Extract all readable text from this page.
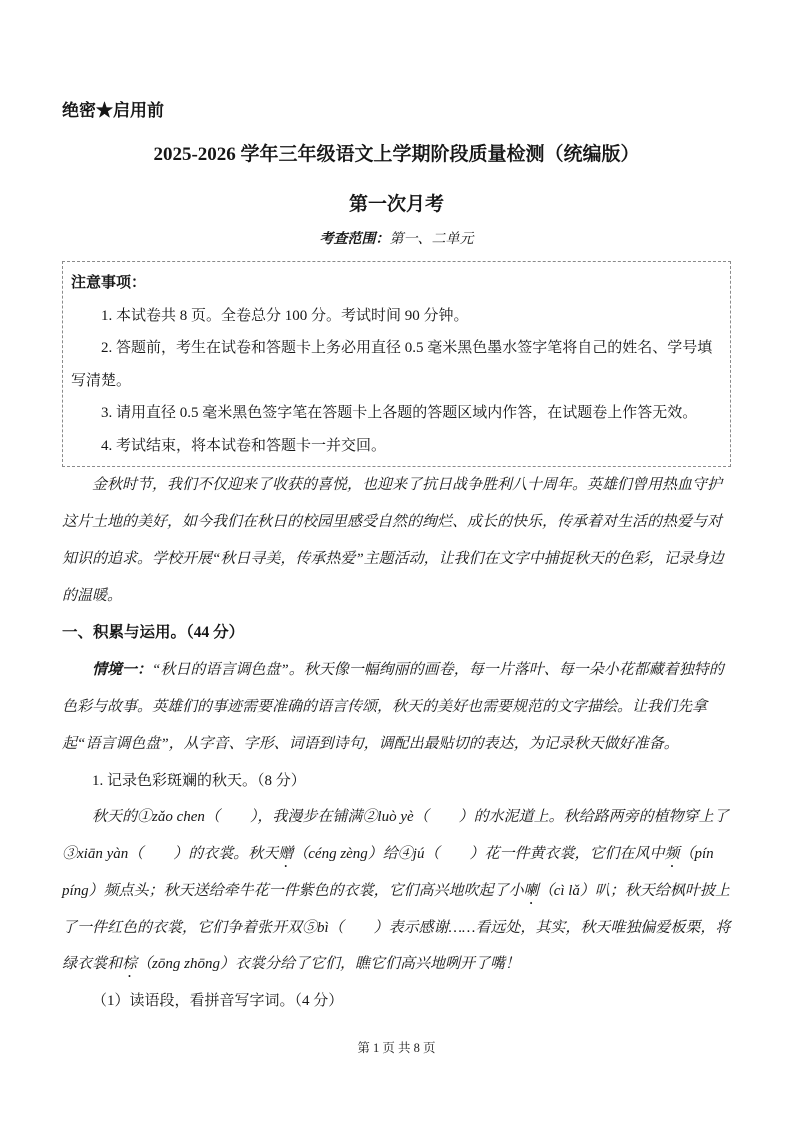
绝密★启用前
2025-2026 学年三年级语文上学期阶段质量检测（统编版）
第一次月考
考查范围：第一、二单元
注意事项：

1. 本试卷共 8 页。全卷总分 100 分。考试时间 90 分钟。

2. 答题前，考生在试卷和答题卡上务必用直径 0.5 毫米黑色墨水签字笔将自己的姓名、学号填写清楚。

3. 请用直径 0.5 毫米黑色签字笔在答题卡上各题的答题区域内作答，在试题卷上作答无效。

4. 考试结束，将本试卷和答题卡一并交回。

金秋时节，我们不仅迎来了收获的喜悦，也迎来了抗日战争胜利八十周年。英雄们曾用热血守护这片土地的美好，如今我们在秋日的校园里感受自然的绚烂、成长的快乐，传承着对生活的热爱与对知识的追求。学校开展“秋日寻美，传承热爱”主题活动，让我们在文字中捕捉秋天的色彩，记录身边的温暖。

一、积累与运用。（44 分）

情境一：“秋日的语言调色盘”。秋天像一幅绚丽的画卷，每一片落叶、每一朵小花都藏着独特的色彩与故事。英雄们的事迹需要准确的语言传颂，秋天的美好也需要规范的文字描绘。让我们先拿起“语言调色盘”，从字音、字形、词语到诗句，调配出最贴切的表达，为记录秋天做好准备。

1. 记录色彩斑斓的秋天。（8 分）

秋天的①zǎo chen（　　），我漫步在铺满②luò yè（　　）的水泥道上。秋给路两旁的植物穿上了③xiān yàn（　　）的衣裳。秋天赠（céng zèng）给④jú（　　）花一件黄衣裳，它们在风中频（pín píng）频点头；秋天送给牵牛花一件紫色的衣裳，它们高兴地吹起了小喇（cì lǎ）叭；秋天给枫叶披上了一件红色的衣裳，它们争着张开双⑤bì（　　）表示感谢……看远处，其实，秋天唯独偏爱板栗，将绿衣裳和棕（zōng zhōng）衣裳分给了它们，瞧它们高兴地咧开了嘴！

（1）读语段，看拼音写字词。（4 分）

第 1 页 共 8 页
